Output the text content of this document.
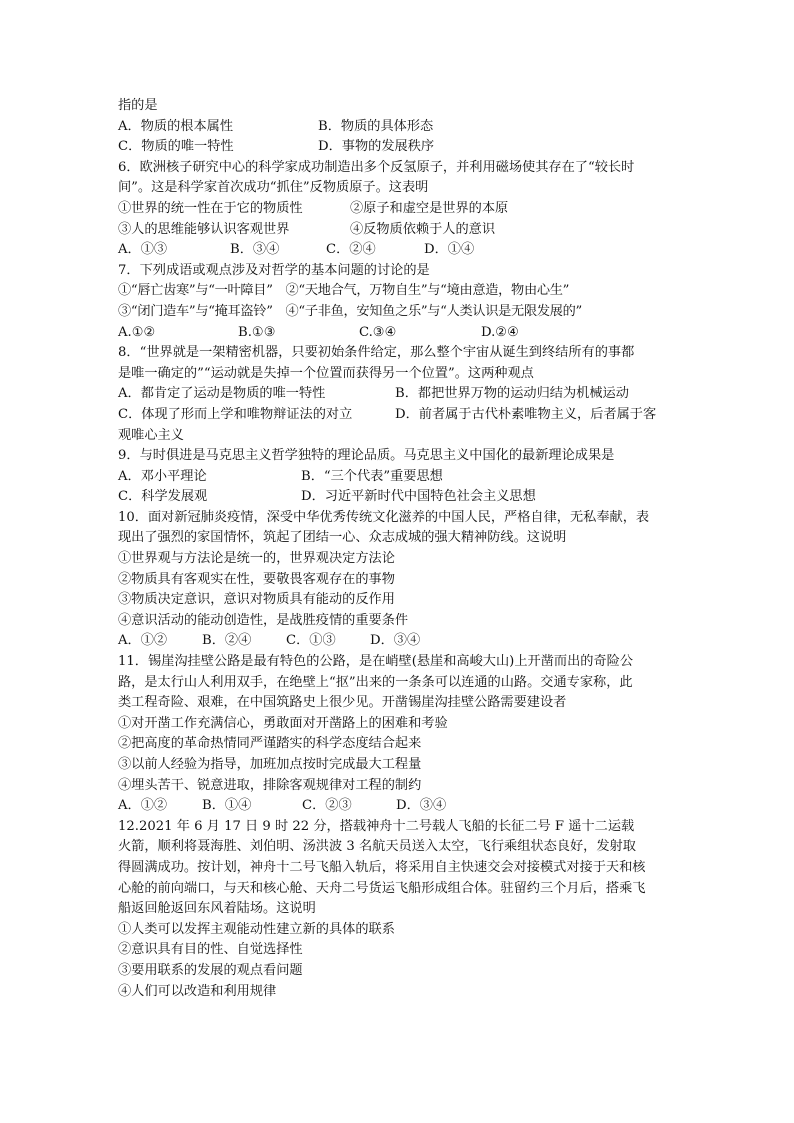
指的是
A．物质的根本属性	B．物质的具体形态
C．物质的唯一特性	D．事物的发展秩序
6．欧洲核子研究中心的科学家成功制造出多个反氢原子，并利用磁场使其存在了“较长时
间”。这是科学家首次成功“抓住”反物质原子。这表明
①世界的统一性在于它的物质性	②原子和虚空是世界的本原
③人的思维能够认识客观世界	④反物质依赖于人的意识
A．①③	B．③④	C．②④	D．①④
7．下列成语或观点涉及对哲学的基本问题的讨论的是
①“唇亡齿寒”与“一叶障目”　②“天地合气，万物自生”与“境由意造，物由心生”
③“闭门造车”与“掩耳盗铃”　④“子非鱼，安知鱼之乐”与“人类认识是无限发展的”
A.①②	B.①③	C.③④	D.②④
8．“世界就是一架精密机器，只要初始条件给定，那么整个宇宙从诞生到终结所有的事都
是唯一确定的”“运动就是失掉一个位置而获得另一个位置”。这两种观点
A．都肯定了运动是物质的唯一特性	B．都把世界万物的运动归结为机械运动
C．体现了形而上学和唯物辩证法的对立	D．前者属于古代朴素唯物主义，后者属于客
观唯心主义
9．与时俱进是马克思主义哲学独特的理论品质。马克思主义中国化的最新理论成果是
A．邓小平理论	B．“三个代表”重要思想
C．科学发展观	D．习近平新时代中国特色社会主义思想
10．面对新冠肺炎疫情，深受中华优秀传统文化滋养的中国人民，严格自律，无私奉献，表
现出了强烈的家国情怀，筑起了团结一心、众志成城的强大精神防线。这说明
①世界观与方法论是统一的，世界观决定方法论
②物质具有客观实在性，要敬畏客观存在的事物
③物质决定意识，意识对物质具有能动的反作用
④意识活动的能动创造性，是战胜疫情的重要条件
A．①②	B．②④	C．①③	D．③④
11．锡崖沟挂壁公路是最有特色的公路，是在峭壁(悬崖和高峻大山)上开凿而出的奇险公
路，是太行山人利用双手，在绝壁上“抠”出来的一条条可以连通的山路。交通专家称，此
类工程奇险、艰难，在中国筑路史上很少见。开凿锡崖沟挂壁公路需要建设者
①对开凿工作充满信心，勇敢面对开凿路上的困难和考验
②把高度的革命热情同严谨踏实的科学态度结合起来
③以前人经验为指导，加班加点按时完成最大工程量
④埋头苦干、锐意进取，排除客观规律对工程的制约
A．①②	B．①④	C．②③	D．③④
12.2021 年 6 月 17 日 9 时 22 分，搭载神舟十二号载人飞船的长征二号 F 遥十二运载
火箭，顺利将聂海胜、刘伯明、汤洪波 3 名航天员送入太空，飞行乘组状态良好，发射取
得圆满成功。按计划，神舟十二号飞船入轨后，将采用自主快速交会对接模式对接于天和核
心舱的前向端口，与天和核心舱、天舟二号货运飞船形成组合体。驻留约三个月后，搭乘飞
船返回舱返回东风着陆场。这说明
①人类可以发挥主观能动性建立新的具体的联系
②意识具有目的性、自觉选择性
③要用联系的发展的观点看问题
④人们可以改造和利用规律
